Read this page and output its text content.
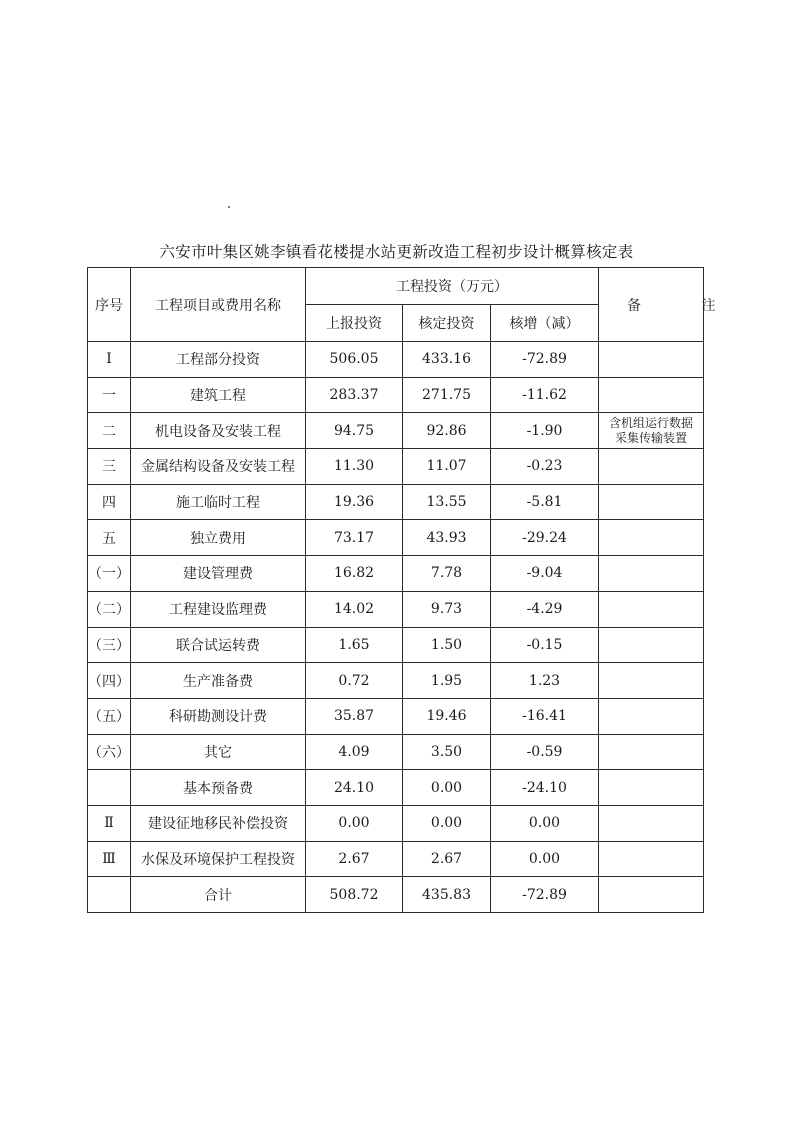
六安市叶集区姚李镇看花楼提水站更新改造工程初步设计概算核定表
序号	工程项目或费用名称	工程投资（万元）			备 注
		上报投资	核定投资	核增（减）	
Ⅰ	工程部分投资	506.05	433.16	-72.89	

一	建筑工程	283.37	271.75	-11.62	

二	机电设备及安装工程	94.75	92.86	-1.90	含机组运行数据
采集传输装置

三	金属结构设备及安装工程	11.30	11.07	-0.23	

四	施工临时工程	19.36	13.55	-5.81	

五	独立费用	73.17	43.93	-29.24	

（一）	建设管理费	16.82	7.78	-9.04	

（二）	工程建设监理费	14.02	9.73	-4.29	

（三）	联合试运转费	1.65	1.50	-0.15	

（四）	生产准备费	0.72	1.95	1.23	

（五）	科研勘测设计费	35.87	19.46	-16.41	

（六）	其它	4.09	3.50	-0.59	

	基本预备费	24.10	0.00	-24.10	

Ⅱ	建设征地移民补偿投资	0.00	0.00	0.00	

Ⅲ	水保及环境保护工程投资	2.67	2.67	0.00	

	合计	508.72	435.83	-72.89	
